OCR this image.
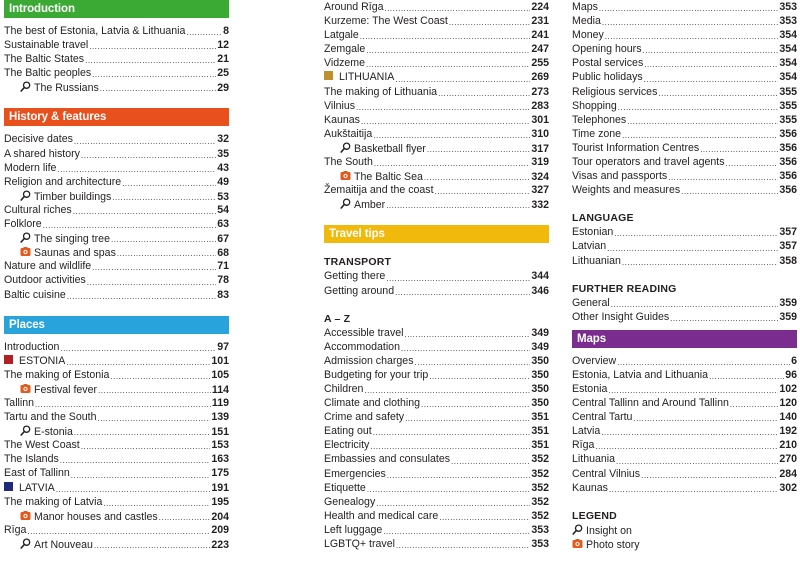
Introduction
The best of Estonia, Latvia & Lithuania .....	8
Sustainable travel .....	12
The Baltic States .....	21
The Baltic peoples .....	25
The Russians .....	29
History & features
Decisive dates .....	32
A shared history .....	35
Modern life .....	43
Religion and architecture .....	49
Timber buildings .....	53
Cultural riches .....	54
Folklore .....	63
The singing tree .....	67
Saunas and spas .....	68
Nature and wildlife .....	71
Outdoor activities .....	78
Baltic cuisine .....	83
Places
Introduction .....	97
ESTONIA .....	101
The making of Estonia .....	105
Festival fever .....	114
Tallinn .....	119
Tartu and the South .....	139
E-stonia .....	151
The West Coast .....	153
The Islands .....	163
East of Tallinn .....	175
LATVIA .....	191
The making of Latvia .....	195
Manor houses and castles .....	204
Rīga .....	209
Art Nouveau .....	223
Around Rīga .....	224
Kurzeme: The West Coast .....	231
Latgale .....	241
Zemgale .....	247
Vidzeme .....	255
LITHUANIA .....	269
The making of Lithuania .....	273
Vilnius .....	283
Kaunas .....	301
Aukštaitija .....	310
Basketball flyer .....	317
The South .....	319
The Baltic Sea .....	324
Žemaitija and the coast .....	327
Amber .....	332
Travel tips
TRANSPORT
Getting there .....	344
Getting around .....	346
A – Z
Accessible travel .....	349
Accommodation .....	349
Admission charges .....	350
Budgeting for your trip .....	350
Children .....	350
Climate and clothing .....	350
Crime and safety .....	351
Eating out .....	351
Electricity .....	351
Embassies and consulates .....	352
Emergencies .....	352
Etiquette .....	352
Genealogy .....	352
Health and medical care .....	352
Left luggage .....	353
LGBTQ+ travel .....	353
Maps .....	353
Media .....	353
Money .....	354
Opening hours .....	354
Postal services .....	354
Public holidays .....	354
Religious services .....	355
Shopping .....	355
Telephones .....	355
Time zone .....	356
Tourist Information Centres .....	356
Tour operators and travel agents .....	356
Visas and passports .....	356
Weights and measures .....	356
LANGUAGE
Estonian .....	357
Latvian .....	357
Lithuanian .....	358
FURTHER READING
General .....	359
Other Insight Guides .....	359
Maps
Overview .....	6
Estonia, Latvia and Lithuania .....	96
Estonia .....	102
Central Tallinn and Around Tallinn .....	120
Central Tartu .....	140
Latvia .....	192
Rīga .....	210
Lithuania .....	270
Central Vilnius .....	284
Kaunas .....	302
LEGEND
Insight on
Photo story
